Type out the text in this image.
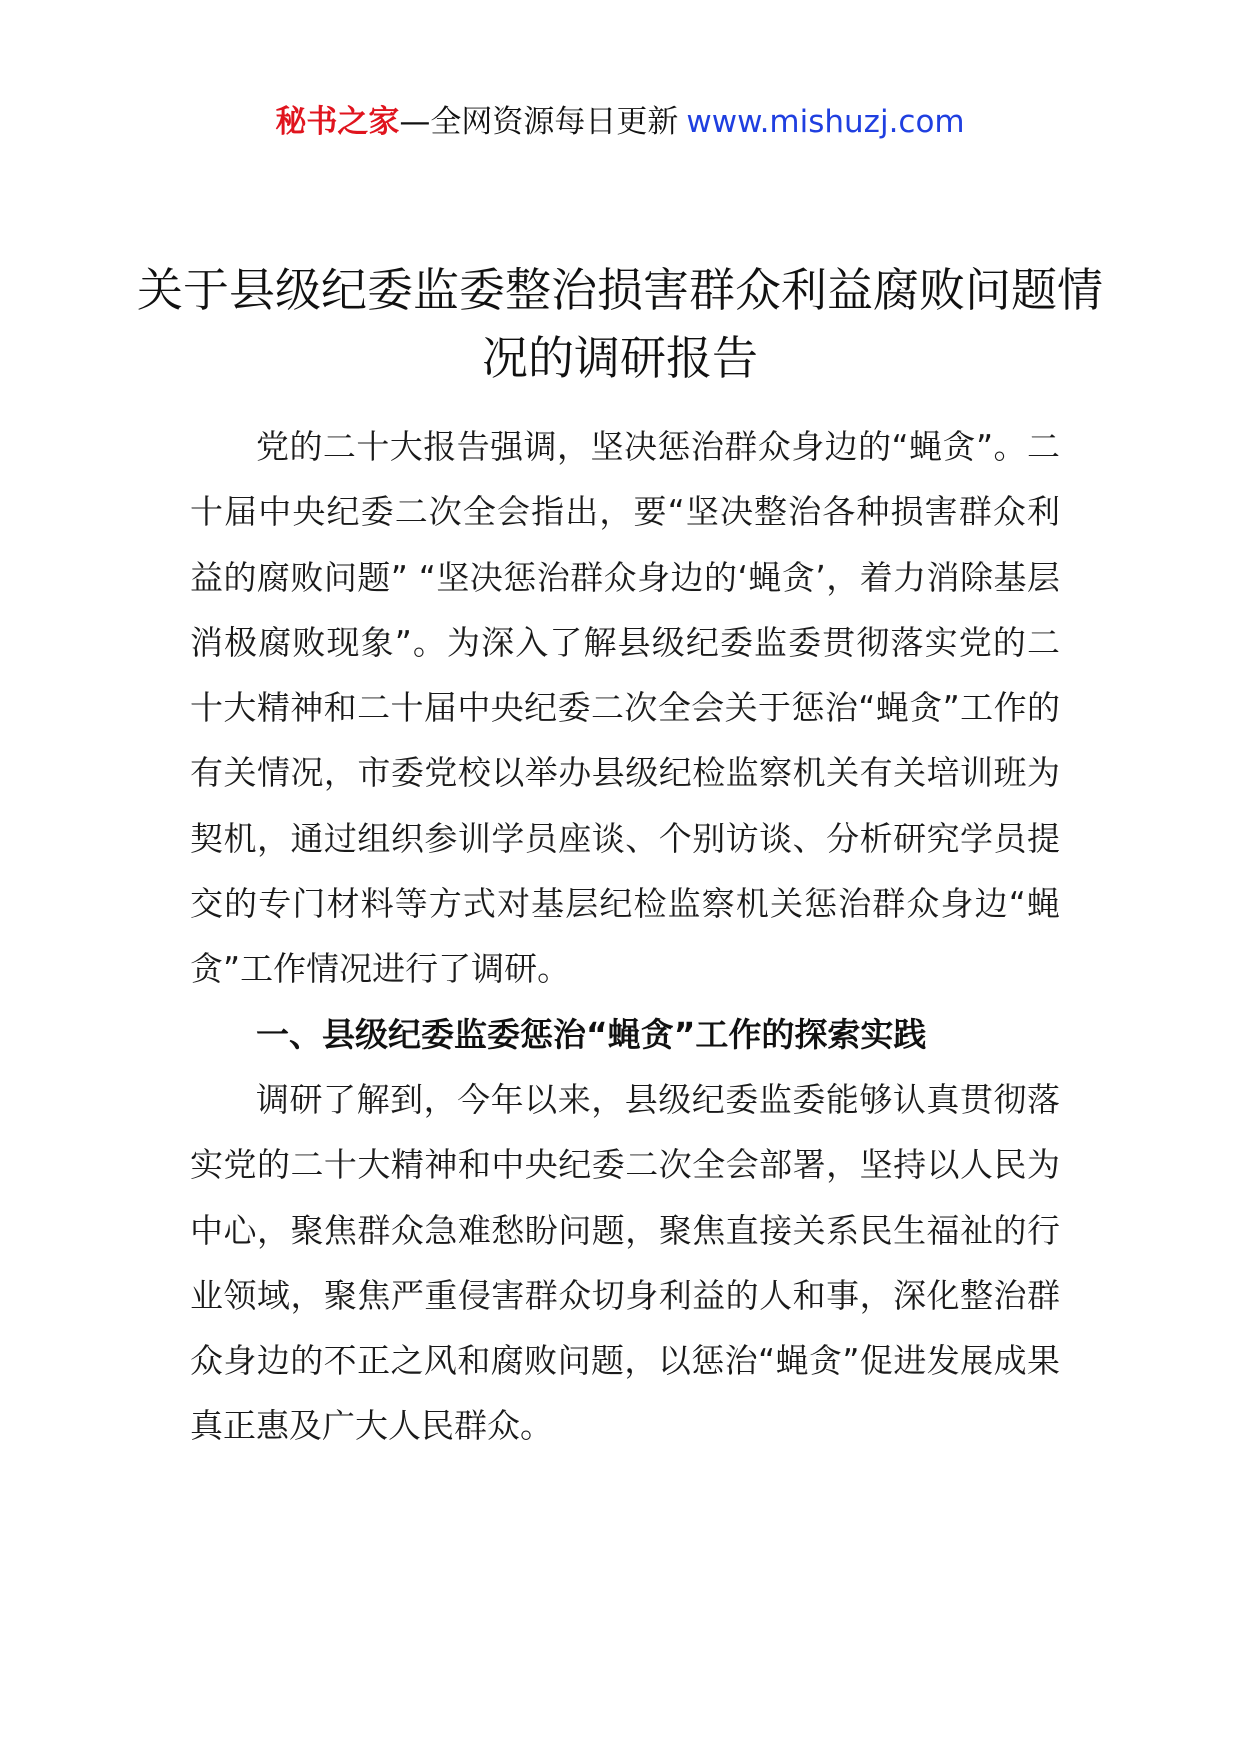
秘书之家—全网资源每日更新 www.mishuzj.com
关于县级纪委监委整治损害群众利益腐败问题情况的调研报告

党的二十大报告强调，坚决惩治群众身边的“蝇贪”。二十届中央纪委二次全会指出，要“坚决整治各种损害群众利益的腐败问题” “坚决惩治群众身边的‘蝇贪’，着力消除基层消极腐败现象”。为深入了解县级纪委监委贯彻落实党的二十大精神和二十届中央纪委二次全会关于惩治“蝇贪”工作的有关情况，市委党校以举办县级纪检监察机关有关培训班为契机，通过组织参训学员座谈、个别访谈、分析研究学员提交的专门材料等方式对基层纪检监察机关惩治群众身边“蝇贪”工作情况进行了调研。

一、县级纪委监委惩治“蝇贪”工作的探索实践

调研了解到，今年以来，县级纪委监委能够认真贯彻落实党的二十大精神和中央纪委二次全会部署，坚持以人民为中心，聚焦群众急难愁盼问题，聚焦直接关系民生福祉的行业领域，聚焦严重侵害群众切身利益的人和事，深化整治群众身边的不正之风和腐败问题，以惩治“蝇贪”促进发展成果真正惠及广大人民群众。
